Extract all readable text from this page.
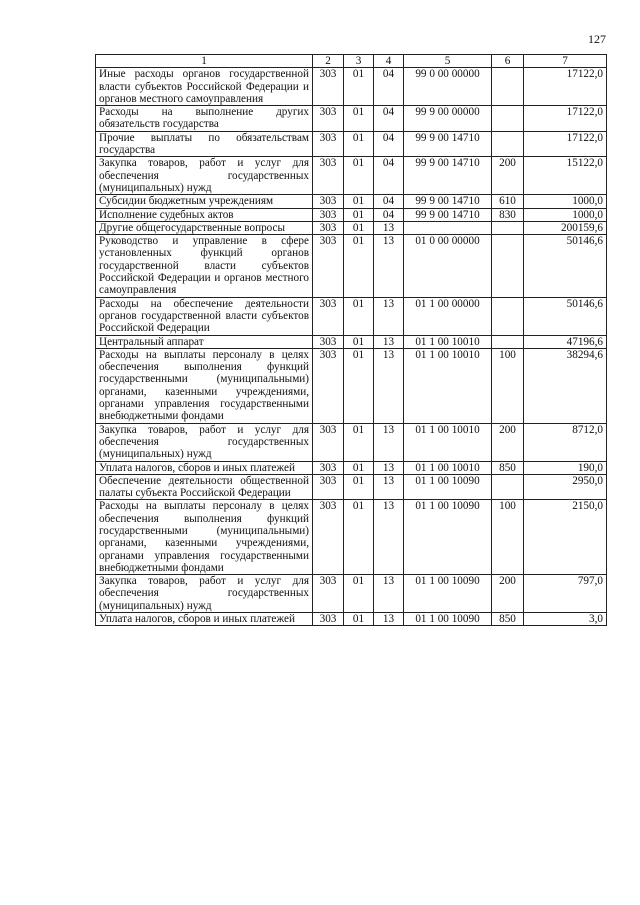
127
1	2	3	4	5	6	7
Иные расходы органов государственной власти субъектов Российской Федерации и органов местного самоуправления	303	01	04	99 0 00 00000		17122,0
Расходы на выполнение других обязательств государства	303	01	04	99 9 00 00000		17122,0
Прочие выплаты по обязательствам государства	303	01	04	99 9 00 14710		17122,0
Закупка товаров, работ и услуг для обеспечения государственных (муниципальных) нужд	303	01	04	99 9 00 14710	200	15122,0
Субсидии бюджетным учреждениям	303	01	04	99 9 00 14710	610	1000,0
Исполнение судебных актов	303	01	04	99 9 00 14710	830	1000,0
Другие общегосударственные вопросы	303	01	13			200159,6
Руководство и управление в сфере установленных функций органов государственной власти субъектов Российской Федерации и органов местного самоуправления	303	01	13	01 0 00 00000		50146,6
Расходы на обеспечение деятельности органов государственной власти субъектов Российской Федерации	303	01	13	01 1 00 00000		50146,6
Центральный аппарат	303	01	13	01 1 00 10010		47196,6
Расходы на выплаты персоналу в целях обеспечения выполнения функций государственными (муниципальными) органами, казенными учреждениями, органами управления государственными внебюджетными фондами	303	01	13	01 1 00 10010	100	38294,6
Закупка товаров, работ и услуг для обеспечения государственных (муниципальных) нужд	303	01	13	01 1 00 10010	200	8712,0
Уплата налогов, сборов и иных платежей	303	01	13	01 1 00 10010	850	190,0
Обеспечение деятельности общественной палаты субъекта Российской Федерации	303	01	13	01 1 00 10090		2950,0
Расходы на выплаты персоналу в целях обеспечения выполнения функций государственными (муниципальными) органами, казенными учреждениями, органами управления государственными внебюджетными фондами	303	01	13	01 1 00 10090	100	2150,0
Закупка товаров, работ и услуг для обеспечения государственных (муниципальных) нужд	303	01	13	01 1 00 10090	200	797,0
Уплата налогов, сборов и иных платежей	303	01	13	01 1 00 10090	850	3,0
